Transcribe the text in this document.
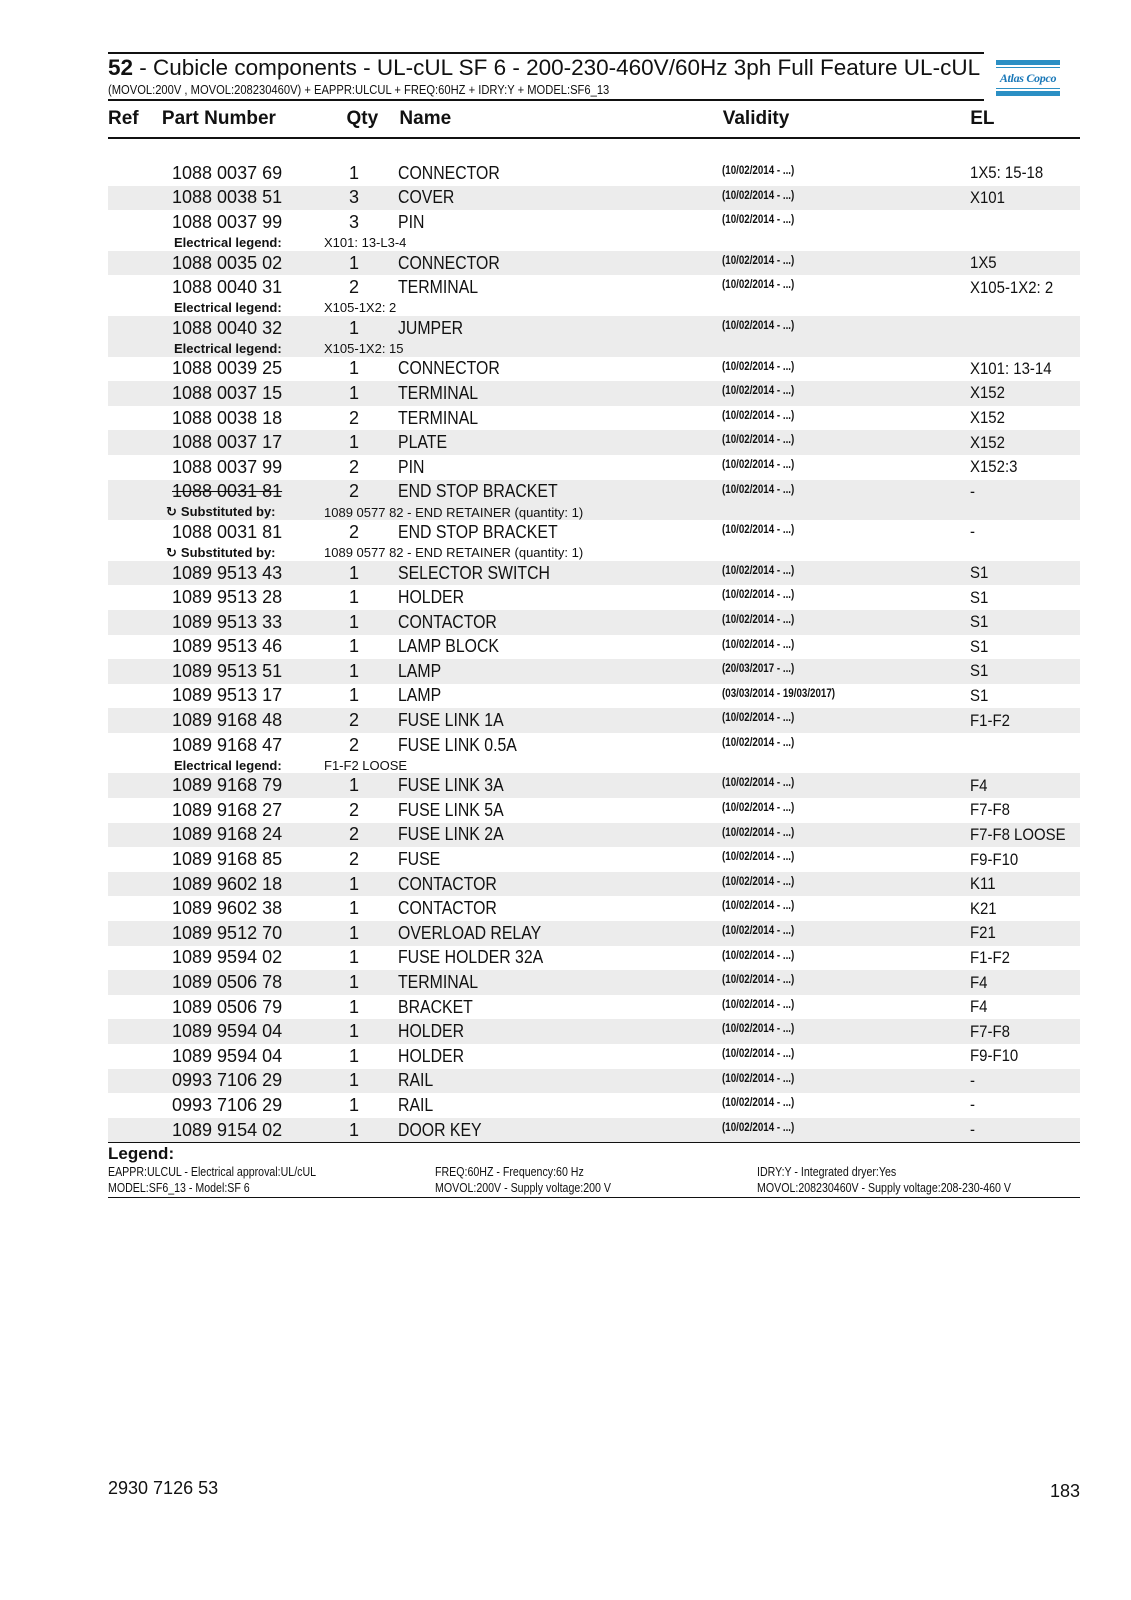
52 - Cubicle components - UL-cUL SF 6 - 200-230-460V/60Hz 3ph Full Feature UL-cUL
(MOVOL:200V , MOVOL:208230460V) + EAPPR:ULCUL + FREQ:60HZ + IDRY:Y + MODEL:SF6_13
Atlas Copco
Ref	Part Number	Qty	Name	Validity	EL
1088 0037 69	1	CONNECTOR	(10/02/2014 - ...)	1X5: 15-18
1088 0038 51	3	COVER	(10/02/2014 - ...)	X101
1088 0037 99	3	PIN	(10/02/2014 - ...)
Electrical legend:	X101: 13-L3-4
1088 0035 02	1	CONNECTOR	(10/02/2014 - ...)	1X5
1088 0040 31	2	TERMINAL	(10/02/2014 - ...)	X105-1X2: 2
Electrical legend:	X105-1X2: 2
1088 0040 32	1	JUMPER	(10/02/2014 - ...)
Electrical legend:	X105-1X2: 15
1088 0039 25	1	CONNECTOR	(10/02/2014 - ...)	X101: 13-14
1088 0037 15	1	TERMINAL	(10/02/2014 - ...)	X152
1088 0038 18	2	TERMINAL	(10/02/2014 - ...)	X152
1088 0037 17	1	PLATE	(10/02/2014 - ...)	X152
1088 0037 99	2	PIN	(10/02/2014 - ...)	X152:3
1088 0031 81	2	END STOP BRACKET	(10/02/2014 - ...)	-
↻ Substituted by:	1089 0577 82 - END RETAINER (quantity: 1)
1088 0031 81	2	END STOP BRACKET	(10/02/2014 - ...)	-
↻ Substituted by:	1089 0577 82 - END RETAINER (quantity: 1)
1089 9513 43	1	SELECTOR SWITCH	(10/02/2014 - ...)	S1
1089 9513 28	1	HOLDER	(10/02/2014 - ...)	S1
1089 9513 33	1	CONTACTOR	(10/02/2014 - ...)	S1
1089 9513 46	1	LAMP BLOCK	(10/02/2014 - ...)	S1
1089 9513 51	1	LAMP	(20/03/2017 - ...)	S1
1089 9513 17	1	LAMP	(03/03/2014 - 19/03/2017)	S1
1089 9168 48	2	FUSE LINK 1A	(10/02/2014 - ...)	F1-F2
1089 9168 47	2	FUSE LINK 0.5A	(10/02/2014 - ...)
Electrical legend:	F1-F2 LOOSE
1089 9168 79	1	FUSE LINK 3A	(10/02/2014 - ...)	F4
1089 9168 27	2	FUSE LINK 5A	(10/02/2014 - ...)	F7-F8
1089 9168 24	2	FUSE LINK 2A	(10/02/2014 - ...)	F7-F8 LOOSE
1089 9168 85	2	FUSE	(10/02/2014 - ...)	F9-F10
1089 9602 18	1	CONTACTOR	(10/02/2014 - ...)	K11
1089 9602 38	1	CONTACTOR	(10/02/2014 - ...)	K21
1089 9512 70	1	OVERLOAD RELAY	(10/02/2014 - ...)	F21
1089 9594 02	1	FUSE HOLDER 32A	(10/02/2014 - ...)	F1-F2
1089 0506 78	1	TERMINAL	(10/02/2014 - ...)	F4
1089 0506 79	1	BRACKET	(10/02/2014 - ...)	F4
1089 9594 04	1	HOLDER	(10/02/2014 - ...)	F7-F8
1089 9594 04	1	HOLDER	(10/02/2014 - ...)	F9-F10
0993 7106 29	1	RAIL	(10/02/2014 - ...)	-
0993 7106 29	1	RAIL	(10/02/2014 - ...)	-
1089 9154 02	1	DOOR KEY	(10/02/2014 - ...)	-
Legend:
EAPPR:ULCUL - Electrical approval:UL/cUL	FREQ:60HZ - Frequency:60 Hz	IDRY:Y - Integrated dryer:Yes
MODEL:SF6_13 - Model:SF 6	MOVOL:200V - Supply voltage:200 V	MOVOL:208230460V - Supply voltage:208-230-460 V
2930 7126 53	183
